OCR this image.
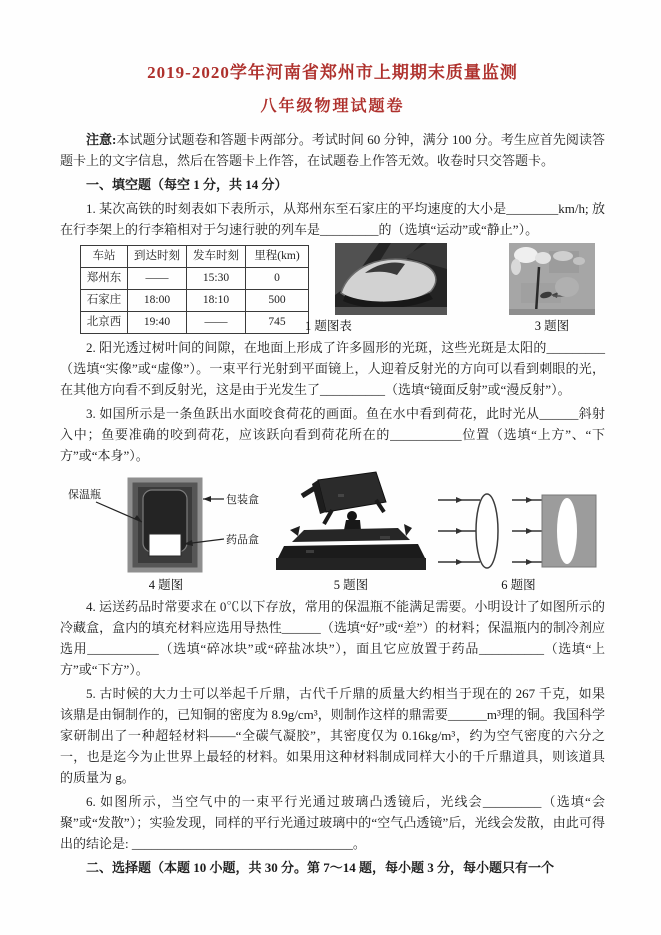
2019-2020学年河南省郑州市上期期末质量监测
八年级物理试题卷

注意:本试题分试题卷和答题卡两部分。考试时间 60 分钟，满分 100 分。考生应首先阅读答题卡上的文字信息，然后在答题卡上作答，在试题卷上作答无效。收卷时只交答题卡。

一、填空题（每空 1 分，共 14 分）

1. 某次高铁的时刻表如下表所示，从郑州东至石家庄的平均速度的大小是________km/h; 放在行李架上的行李箱相对于匀速行驶的列车是_________的（选填“运动”或“静止”）。

车站	到达时刻	发车时刻	里程(km)
郑州东	——	15:30	0
石家庄	18:00	18:10	500
北京西	19:40	——	745 1 题图表	3 题图

2. 阳光透过树叶间的间隙，在地面上形成了许多圆形的光斑，这些光斑是太阳的_________（选填“实像”或“虚像”）。一束平行光射到平面镜上，人迎着反射光的方向可以看到刺眼的光，在其他方向看不到反射光，这是由于光发生了__________（选填“镜面反射”或“漫反射”）。

3. 如国所示是一条鱼跃出水面咬食荷花的画面。鱼在水中看到荷花，此时光从______斜射入中；鱼要准确的咬到荷花，应该跃向看到荷花所在的___________位置（选填“上方”、“下方”或“本身”）。

保温瓶	包装盒
药品盒
4 题图	5 题图	6 题图

4. 运送药品时常要求在 0℃以下存放，常用的保温瓶不能满足需要。小明设计了如图所示的冷藏盒，盒内的填充材料应选用导热性______（选填“好”或“差”）的材料；保温瓶内的制冷剂应选用___________（选填“碎冰块”或“碎盐冰块”），面且它应放置于药品__________（选填“上方”或“下方”）。

5. 古时候的大力士可以举起千斤鼎，古代千斤鼎的质量大约相当于现在的 267 千克，如果该鼎是由铜制作的，已知铜的密度为 8.9g/cm³，则制作这样的鼎需要______m³理的铜。我国科学家研制出了一种超轻材料——“全碳气凝胶”，其密度仅为 0.16kg/m³，约为空气密度的六分之一，也是迄今为止世界上最轻的材料。如果用这种材料制成同样大小的千斤鼎道具，则该道具的质量为 g。

6. 如图所示，当空气中的一束平行光通过玻璃凸透镜后，光线会_________（选填“会聚”或“发散”）；实验发现，同样的平行光通过玻璃中的“空气凸透镜”后，光线会发散，由此可得出的结论是: __________________________________。

二、选择题（本题 10 小题，共 30 分。第 7～14 题，每小题 3 分，每小题只有一个
